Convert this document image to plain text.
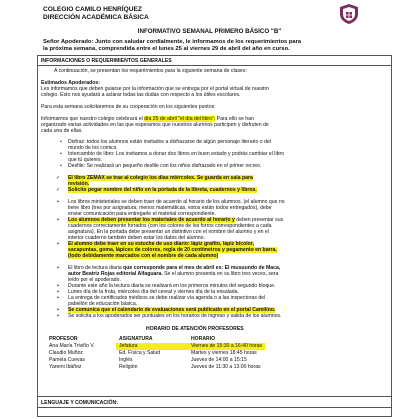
COLEGIO CAMILO HENRÍQUEZ
DIRECCIÓN ACADÉMICA BÁSICA
INFORMATIVO SEMANAL PRIMERO BÁSICO "B"
Señor Apoderado: Junto con saludar cordialmente, le informamos de los requerimientos para
la próxima semana, comprendida entre el lunes 25 al viernes 29 de abril del año en curso.
INFORMACIONES O REQUERIMIENTOS GENERALES
A continuación, se presentan los requerimientos para la siguiente semana de clases:
Estimados Apoderados:
Les informamos que deben guiarse por la información que se entrega por el portal virtual de nuestro
colegio. Esto nos ayudará a aclarar todas las dudas con respecto a los útiles escolares.
Para esta semana solicitaremos de su cooperación en los siguientes puntos:
Informamos que nuestro colegio celebrará el día 25 de abril "el día del libro". Para ello se han
organizado varias actividades en las que esperamos que nuestros alumnos participen y disfruten de
cada una de ellas.
• Disfraz: todos los alumnos están invitados a disfrazarse de algún personaje literario o del
mundo de los comics.
• Intercambio de libro: Los invitamos a donar dos libros en buen estado y podrás cambiar el libro
que tú quieres.
• Desfile: Se realizará un pequeño desfile con los niños disfrazado en el primer recreo.
✓ El libro ZEMAX se trae al colegio los días miércoles. Se guarda en sala para
revisión.
✓ Solicito pegar nombre del niño en la portada de la libreta, cuadernos y libros.
➢ Los libros ministeriales se deben traer de acuerdo al horario de los alumnos. (el alumno que no
tiene libro (tres por asignatura, menos matemáticas, estos están todos entregados), debe
enviar comunicación para entregarle el material correspondiente.
➢ Los alumnos deben presentar los materiales de acuerdo al horario y deben presentar sus
cuadernos correctamente forrados (con los colores de los forros correspondientes a cada
asignatura). En la portada debe presentar un distintivo con el nombre del alumno y en el
interior cuaderno también deben estar los datos del alumno.
➢ El alumno debe traer en su estuche de uso diario: lápiz grafito, lápiz bicolor,
sacapuntas, goma, lápices de colores, regla de 20 centímetros y pegamento en barra,
(todo debidamente marcados con el nombre de cada alumno)
➢ El libro de lectura diaria que corresponde para el mes de abril es: El musuundo de Maca,
autor Beatriz Rojas editorial Alfaguara. Se el alumno presenta en su libro tres veces, sera
leído por el apoderado.
➢ Durante este año la lectura diaria se realizará en los primeros minutos del segundo bloque.
➢ Lunes día de la fruta, miércoles día del cereal y viernes día de la ensalada.
➢ La entrega de certificados médicos se debe realizar vía agenda o a las inspectoras del
pabellón de educación básica.
➢ Se comunica que el calendario de evaluaciones será publicado en el portal Camilino.
➢ Se solicita a los apoderados ser puntuales en los horarios de ingreso y salida de los alumnos.
HORARIO DE ATENCIÓN PROFESORES
PROFESOR	ASIGNATURA	HORARIO
Ana María Triviño V.	Jefatura	Viernes de 15:30 a 16:40 horas
Claudio Muñoz	Ed. Física y Salud	Martes y viernes 18:45 horas
Pamela Cuevas	Inglés	Jueves de 14:00 a 15:15
Yaremi Ibáñez	Religión	Jueves de 11:30 a 13:00 horas
LENGUAJE Y COMUNICACIÓN:
